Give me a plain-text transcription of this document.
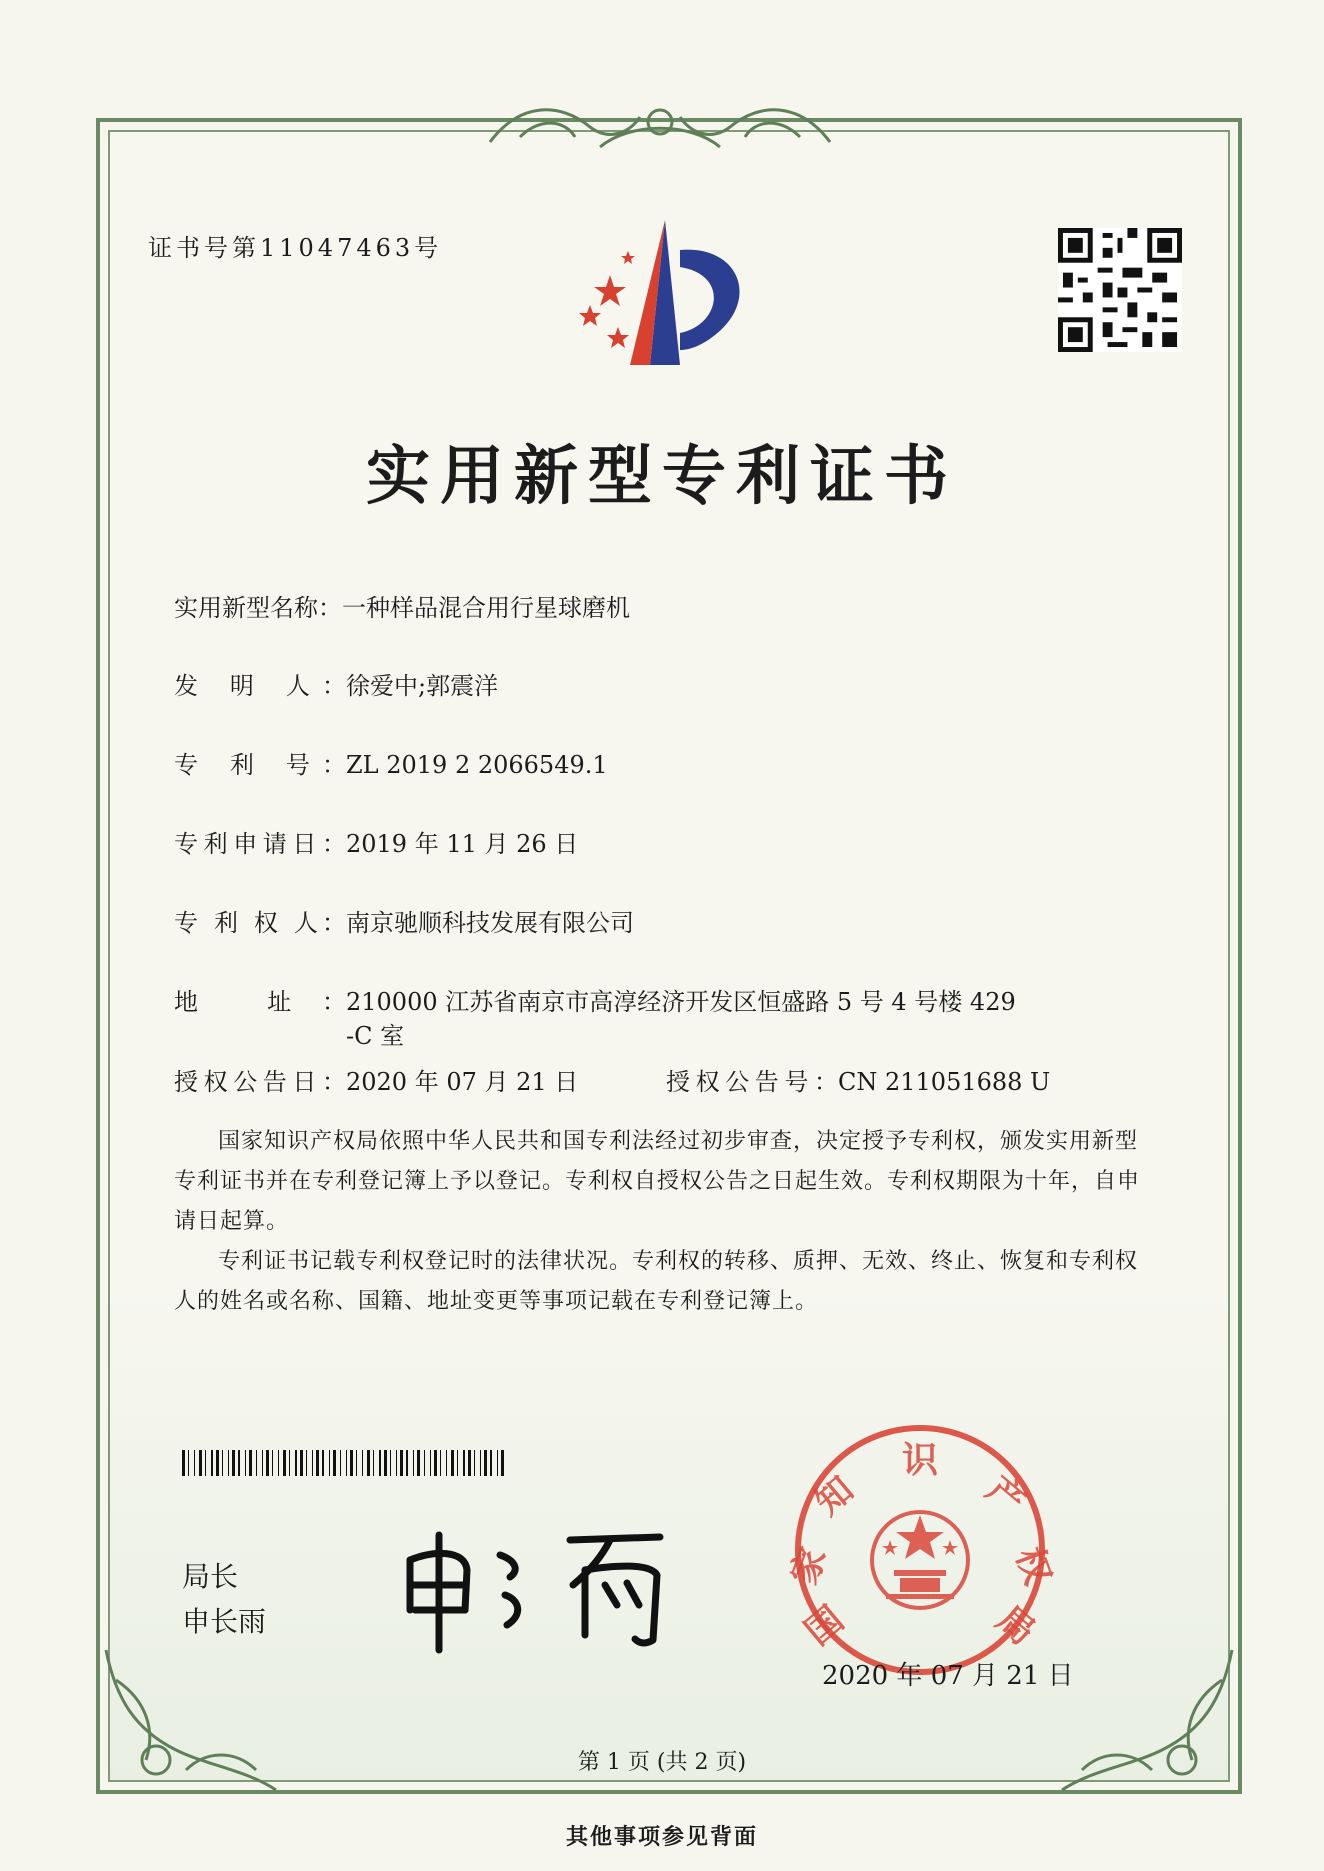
证书号第11047463号
实用新型专利证书
实用新型名称：一种样品混合用行星球磨机
发 明 人：徐爱中;郭震洋
专 利 号：ZL 2019 2 2066549.1
专利申请日：2019 年 11 月 26 日
专 利 权 人：南京驰顺科技发展有限公司
地 址：210000 江苏省南京市高淳经济开发区恒盛路 5 号 4 号楼 429
-C 室
授权公告日：2020 年 07 月 21 日	授权公告号：CN 211051688 U
国家知识产权局依照中华人民共和国专利法经过初步审查，决定授予专利权，颁发实用新型专利证书并在专利登记簿上予以登记。专利权自授权公告之日起生效。专利权期限为十年，自申请日起算。
专利证书记载专利权登记时的法律状况。专利权的转移、质押、无效、终止、恢复和专利权人的姓名或名称、国籍、地址变更等事项记载在专利登记簿上。
局长
申长雨	国
家
知
识
产
权
局
2020 年 07 月 21 日
第 1 页 (共 2 页)
其他事项参见背面
